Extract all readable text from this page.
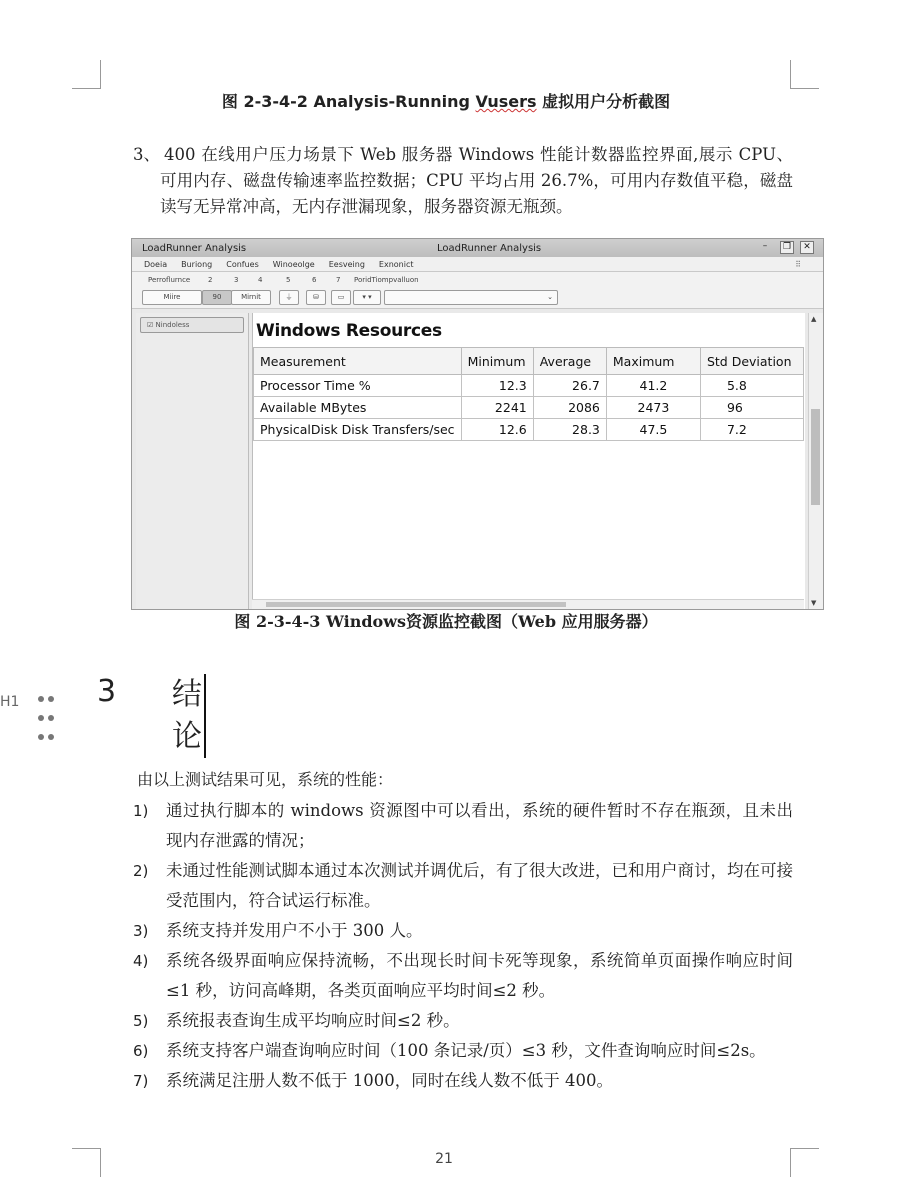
图 2-3-4-2 Analysis-Running Vusers 虚拟用户分析截图
3、 400 在线用户压力场景下 Web 服务器 Windows 性能计数器监控界面,展示 CPU、可用内存、磁盘传输速率监控数据；CPU 平均占用 26.7%，可用内存数值平稳，磁盘读写无异常冲高，无内存泄漏现象，服务器资源无瓶颈。
LoadRunner Analysis	LoadRunner Analysis	–	❐	✕
Doeia Buriong Confues Winoeolge Eesveing Exnonict	⠿
Perroflurnce	2	3	4	5	6	7 PoridTiompvalluon
Miire	90	Mirnit	⏚	⛁	▭	▾ ▾	⌄
☑ Nindoless	Windows Resources
Measurement	Minimum	Average	Maximum	Std Deviation
Processor Time %	12.3	26.7	41.2	5.8
Available MBytes	2241	2086	2473	96
PhysicalDisk Disk Transfers/sec	12.6	28.3	47.5	7.2
▲
▼
图 2-3-4-3 Windows资源监控截图（Web 应用服务器）
H1	3 结论
由以上测试结果可见，系统的性能：
1) 通过执行脚本的 windows 资源图中可以看出，系统的硬件暂时不存在瓶颈，且未出现内存泄露的情况；
2) 未通过性能测试脚本通过本次测试并调优后，有了很大改进，已和用户商讨，均在可接受范围内，符合试运行标准。
3) 系统支持并发用户不小于 300 人。
4) 系统各级界面响应保持流畅，不出现长时间卡死等现象，系统简单页面操作响应时间≤1 秒，访问高峰期，各类页面响应平均时间≤2 秒。
5) 系统报表查询生成平均响应时间≤2 秒。
6) 系统支持客户端查询响应时间（100 条记录/页）≤3 秒，文件查询响应时间≤2s。
7) 系统满足注册人数不低于 1000，同时在线人数不低于 400。
21
